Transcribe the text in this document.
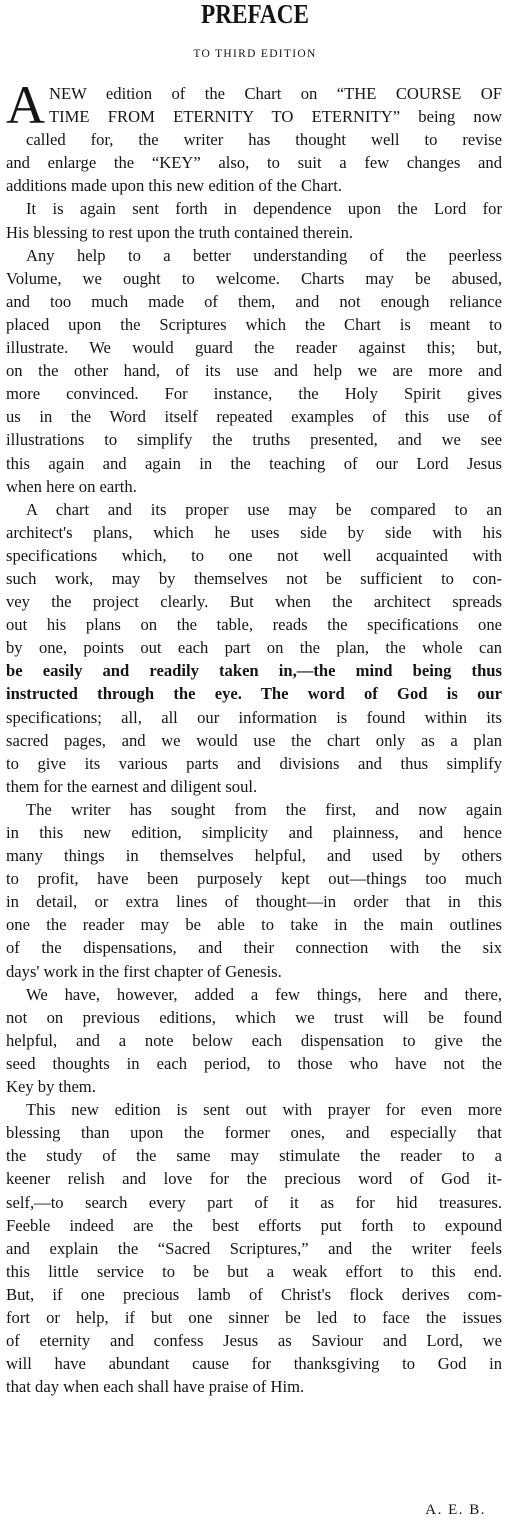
PREFACE
TO THIRD EDITION
A NEW edition of the Chart on “THE COURSE OF
TIME FROM ETERNITY TO ETERNITY” being now
called for, the writer has thought well to revise
and enlarge the “KEY” also, to suit a few changes and
additions made upon this new edition of the Chart.
It is again sent forth in dependence upon the Lord for
His blessing to rest upon the truth contained therein.
Any help to a better understanding of the peerless
Volume, we ought to welcome. Charts may be abused,
and too much made of them, and not enough reliance
placed upon the Scriptures which the Chart is meant to
illustrate. We would guard the reader against this; but,
on the other hand, of its use and help we are more and
more convinced. For instance, the Holy Spirit gives
us in the Word itself repeated examples of this use of
illustrations to simplify the truths presented, and we see
this again and again in the teaching of our Lord Jesus
when here on earth.
A chart and its proper use may be compared to an
architect's plans, which he uses side by side with his
specifications which, to one not well acquainted with
such work, may by themselves not be sufficient to con-
vey the project clearly. But when the architect spreads
out his plans on the table, reads the specifications one
by one, points out each part on the plan, the whole can
be easily and readily taken in,—the mind being thus
instructed through the eye. The word of God is our
specifications; all, all our information is found within its
sacred pages, and we would use the chart only as a plan
to give its various parts and divisions and thus simplify
them for the earnest and diligent soul.
The writer has sought from the first, and now again
in this new edition, simplicity and plainness, and hence
many things in themselves helpful, and used by others
to profit, have been purposely kept out—things too much
in detail, or extra lines of thought—in order that in this
one the reader may be able to take in the main outlines
of the dispensations, and their connection with the six
days' work in the first chapter of Genesis.
We have, however, added a few things, here and there,
not on previous editions, which we trust will be found
helpful, and a note below each dispensation to give the
seed thoughts in each period, to those who have not the
Key by them.
This new edition is sent out with prayer for even more
blessing than upon the former ones, and especially that
the study of the same may stimulate the reader to a
keener relish and love for the precious word of God it-
self,—to search every part of it as for hid treasures.
Feeble indeed are the best efforts put forth to expound
and explain the “Sacred Scriptures,” and the writer feels
this little service to be but a weak effort to this end.
But, if one precious lamb of Christ's flock derives com-
fort or help, if but one sinner be led to face the issues
of eternity and confess Jesus as Saviour and Lord, we
will have abundant cause for thanksgiving to God in
that day when each shall have praise of Him.
A. E. B.
